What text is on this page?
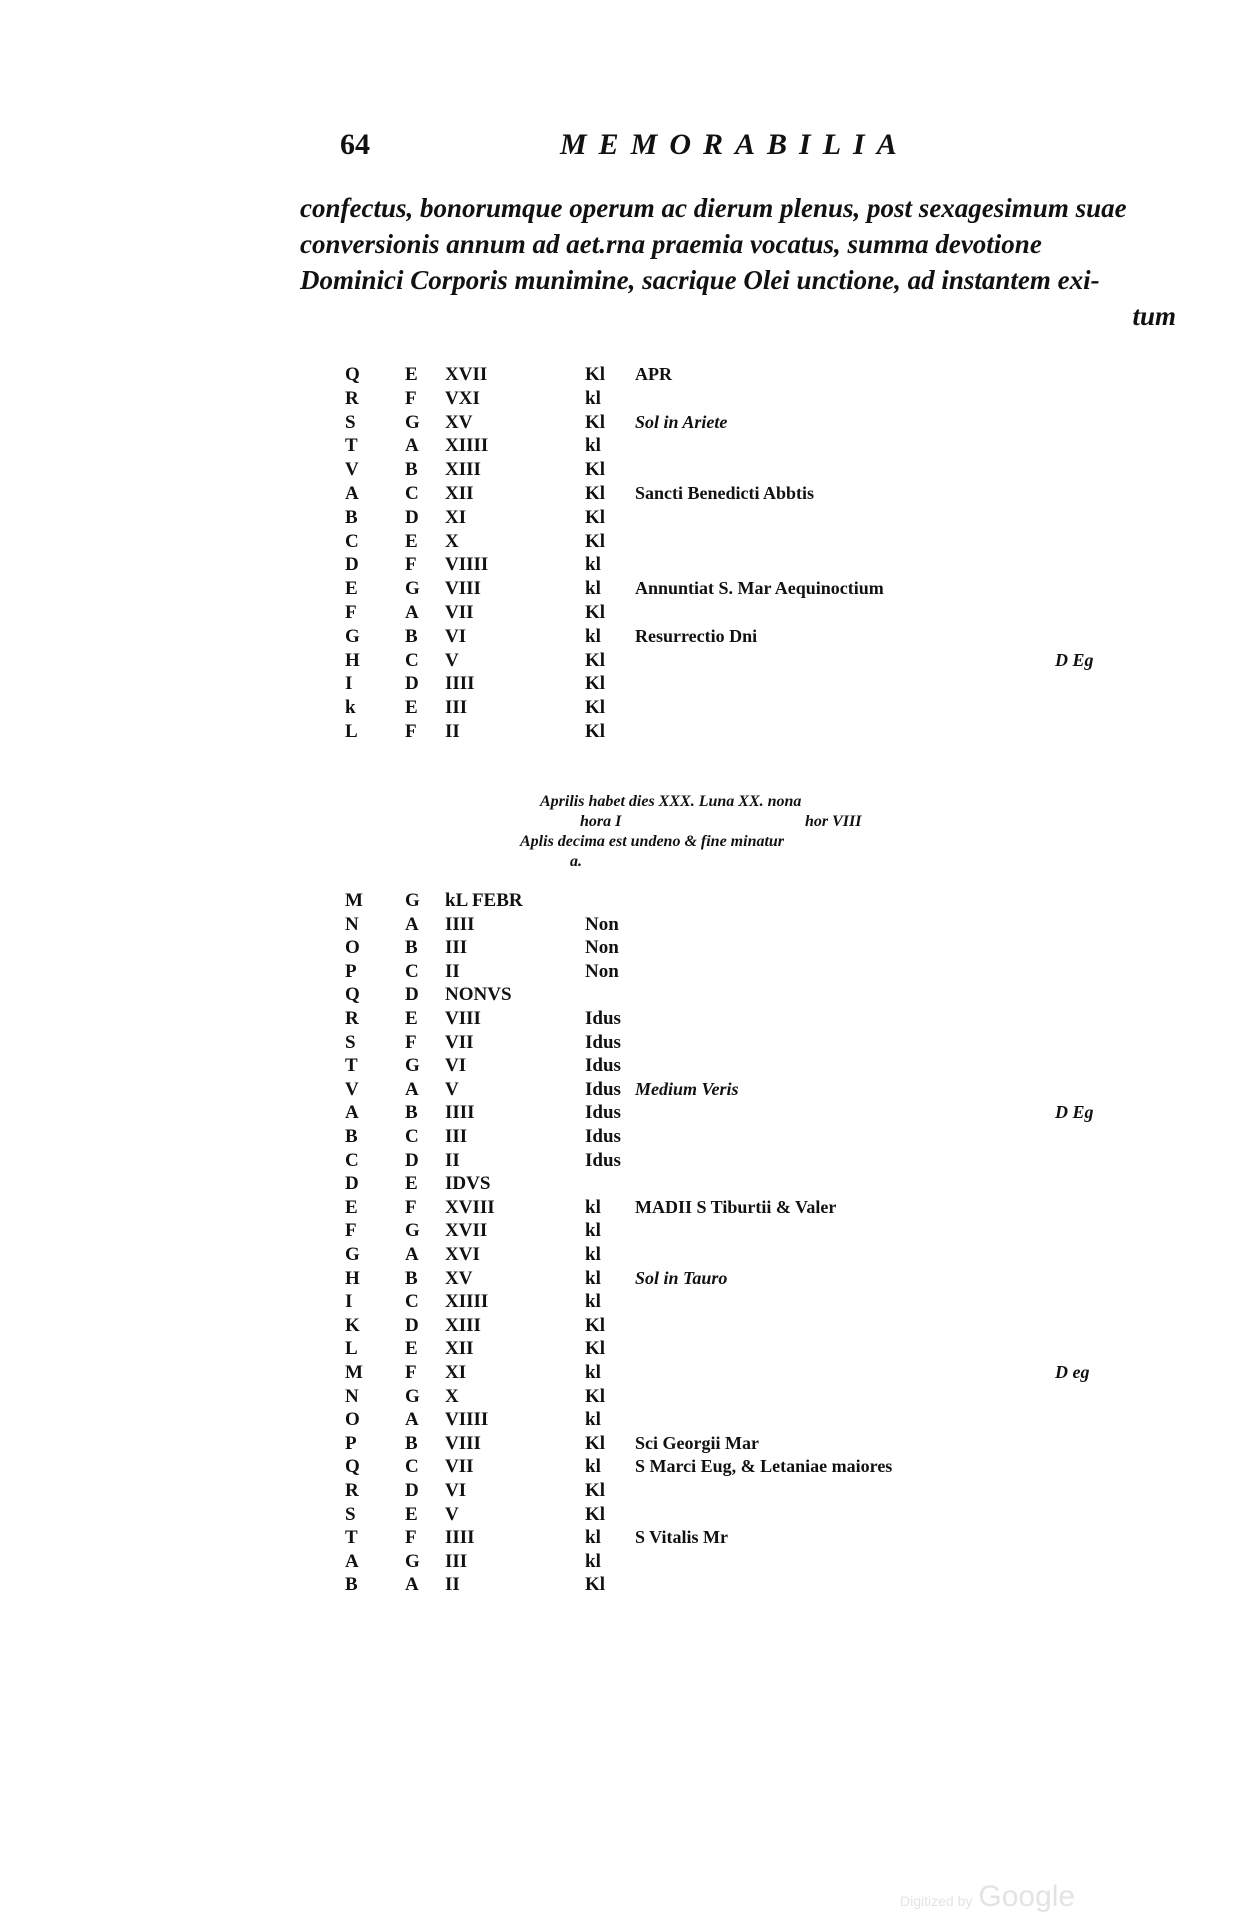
64	MEMORABILIA
confectus, bonorumque operum ac dierum plenus, post sexagesimum suae
conversionis annum ad aet.rna praemia vocatus, summa devotione
Dominici Corporis munimine, sacrique Olei unctione, ad instantem exi-
tum
Q	E	XVII	Kl	APR
R	F	VXI	kl
S	G	XV	Kl	Sol in Ariete
T	A	XIIII	kl
V	B	XIII	Kl
A	C	XII	Kl	Sancti Benedicti Abbtis
B	D	XI	Kl
C	E	X	Kl
D	F	VIIII	kl
E	G	VIII	kl	Annuntiat S. Mar Aequinoctium
F	A	VII	Kl
G	B	VI	kl	Resurrectio Dni
H	C	V	Kl	D Eg
I	D	IIII	Kl
k	E	III	Kl
L	F	II	Kl
Aprilis habet dies XXX. Luna XX. nona
hora I	hor VIII
Aplis decima est undeno & fine minatur
a.
M	G	kL FEBR
N	A	IIII	Non
O	B	III	Non
P	C	II	Non
Q	D	NONVS
R	E	VIII	Idus
S	F	VII	Idus
T	G	VI	Idus
V	A	V	Idus Medium Veris
A	B	IIII	Idus	D Eg
B	C	III	Idus
C	D	II	Idus
D	E	IDVS
E	F	XVIII	kl	MADII S Tiburtii & Valer
F	G	XVII	kl
G	A	XVI	kl
H	B	XV	kl	Sol in Tauro
I	C	XIIII	kl
K	D	XIII	Kl
L	E	XII	Kl
M	F	XI	kl	D eg
N	G	X	Kl
O	A	VIIII	kl
P	B	VIII	Kl	Sci Georgii Mar
Q	C	VII	kl	S Marci Eug, & Letaniae maiores
R	D	VI	Kl
S	E	V	Kl
T	F	IIII	kl	S Vitalis Mr
A	G	III	kl
B	A	II	Kl
Digitized by Google
